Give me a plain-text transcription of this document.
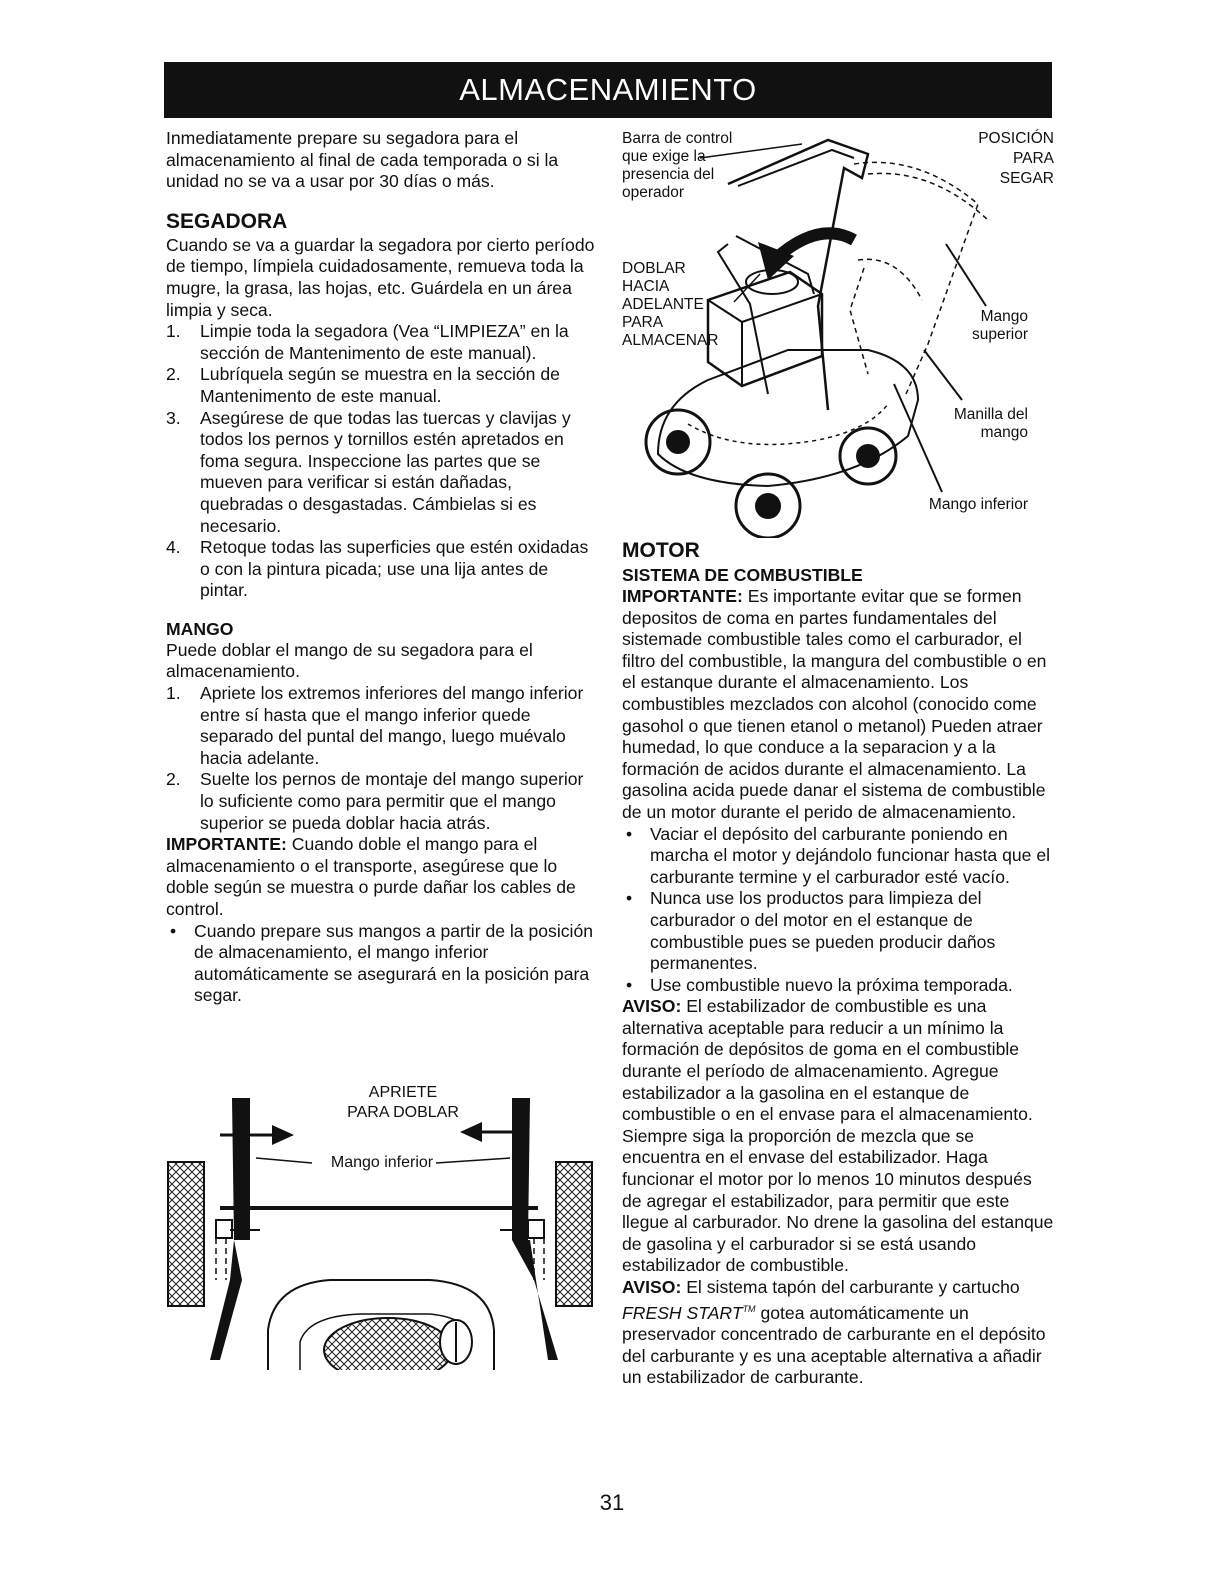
ALMACENAMIENTO

Inmediatamente prepare su segadora para el almacenamiento al final de cada temporada o si la unidad no se va a usar por 30 días o más.

SEGADORA

Cuando se va a guardar la segadora por cierto período de tiempo, límpiela cuidadosamente, remueva toda la mugre, la grasa, las hojas, etc. Guárdela en un área limpia y seca.

1.	Limpie toda la segadora (Vea “LIMPIEZA” en la sección de Mantenimento de este manual).
2.	Lubríquela según se muestra en la sección de Mantenimento de este manual.
3.	Asegúrese de que todas las tuercas y clavijas y todos los pernos y tornillos estén apretados en foma segura. Inspeccione las partes que se mueven para verificar si están dañadas, quebradas o desgastadas. Cámbielas si es necesario.
4.	Retoque todas las superficies que estén oxidadas o con la pintura picada; use una lija antes de pintar.
MANGO

Puede doblar el mango de su segadora para el almacenamiento.

1.	Apriete los extremos inferiores del mango inferior entre sí hasta que el mango inferior quede separado del puntal del mango, luego muévalo hacia adelante.
2.	Suelte los pernos de montaje del mango superior lo suficiente como para permitir que el mango superior se pueda doblar hacia atrás.

IMPORTANTE: Cuando doble el mango para el almacenamiento o el transporte, asegúrese que lo doble según se muestra o purde dañar los cables de control.

•	Cuando prepare sus mangos a partir de la posición de almacenamiento, el mango inferior automáticamente se asegurará en la posición para segar.
APRIETE
PARA DOBLAR
Mango inferior
Barra de control
que exige la
presencia del
operador
POSICIÓN
PARA
SEGAR
DOBLAR
HACIA
ADELANTE
PARA
ALMACENAR
Mango
superior
Manilla del
mango
Mango inferior
MOTOR
SISTEMA DE COMBUSTIBLE

IMPORTANTE: Es importante evitar que se formen depositos de coma en partes fundamentales del sistemade combustible tales como el carburador, el filtro del combustible, la mangura del combustible o en el estanque durante el almacenamiento. Los combustibles mezclados con alcohol (conocido come gasohol o que tienen etanol o metanol) Pueden atraer humedad, lo que conduce a la separacion y a la formación de acidos durante el almacenamiento. La gasolina acida puede danar el sistema de combustible de un motor durante el perido de almacenamiento.

•	Vaciar el depósito del carburante poniendo en marcha el motor y dejándolo funcionar hasta que el carburante termine y el carburador esté vacío.
•	Nunca use los productos para limpieza del carburador o del motor en el estanque de combustible pues se pueden producir daños permanentes.
•	Use combustible nuevo la próxima temporada.

AVISO: El estabilizador de combustible es una alternativa aceptable para reducir a un mínimo la formación de depósitos de goma en el combustible durante el período de almacenamiento. Agregue estabilizador a la gasolina en el estanque de combustible o en el envase para el almacenamiento. Siempre siga la proporción de mezcla que se encuentra en el envase del estabilizador. Haga funcionar el motor por lo menos 10 minutos después de agregar el estabilizador, para permitir que este llegue al carburador. No drene la gasolina del estanque de gasolina y el carburador si se está usando estabilizador de combustible.

AVISO: El sistema tapón del carburante y cartucho FRESH START™ gotea automáticamente un preservador concentrado de carburante en el depósito del carburante y es una aceptable alternativa a añadir un estabilizador de carburante.

31
